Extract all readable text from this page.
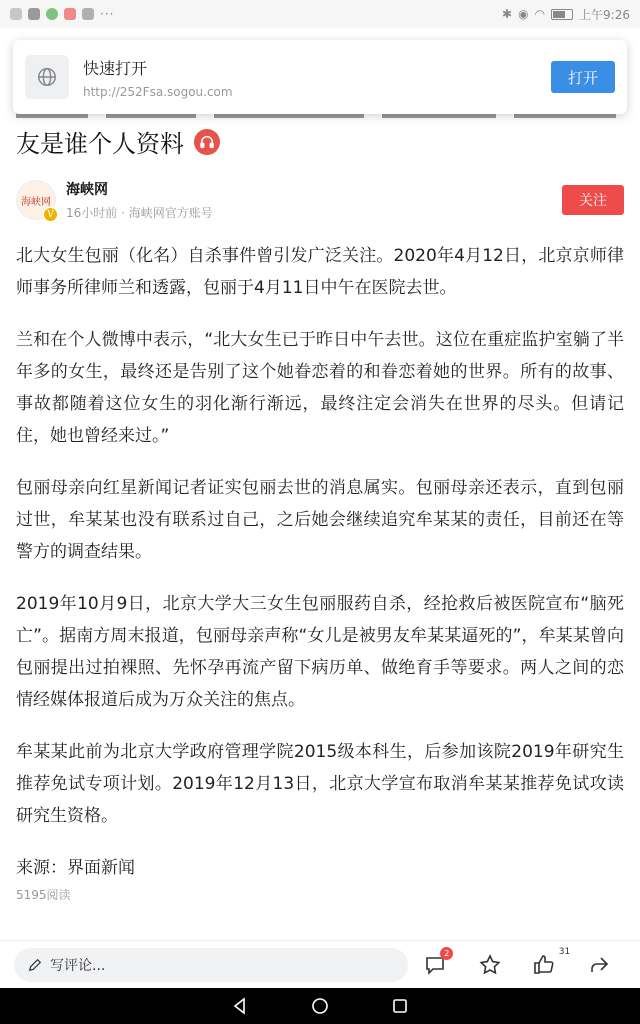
···	✱ ◉ ◠	上午9:26
快速打开
http://252Fsa.sogou.com
打开
友是谁个人资料
海峡网
V
海峡网
16小时前 · 海峡网官方账号
关注

北大女生包丽（化名）自杀事件曾引发广泛关注。2020年4月12日，北京京师律师事务所律师兰和透露，包丽于4月11日中午在医院去世。

兰和在个人微博中表示，“北大女生已于昨日中午去世。这位在重症监护室躺了半年多的女生，最终还是告别了这个她眷恋着的和眷恋着她的世界。所有的故事、事故都随着这位女生的羽化渐行渐远，最终注定会消失在世界的尽头。但请记住，她也曾经来过。”

包丽母亲向红星新闻记者证实包丽去世的消息属实。包丽母亲还表示，直到包丽过世，牟某某也没有联系过自己，之后她会继续追究牟某某的责任，目前还在等警方的调查结果。

2019年10月9日，北京大学大三女生包丽服药自杀，经抢救后被医院宣布“脑死亡”。据南方周末报道，包丽母亲声称“女儿是被男友牟某某逼死的”，牟某某曾向包丽提出过拍裸照、先怀孕再流产留下病历单、做绝育手等要求。两人之间的恋情经媒体报道后成为万众关注的焦点。

牟某某此前为北京大学政府管理学院2015级本科生，后参加该院2019年研究生推荐免试专项计划。2019年12月13日，北京大学宣布取消牟某某推荐免试攻读研究生资格。

来源：界面新闻

5195阅读
写评论...
2	31
